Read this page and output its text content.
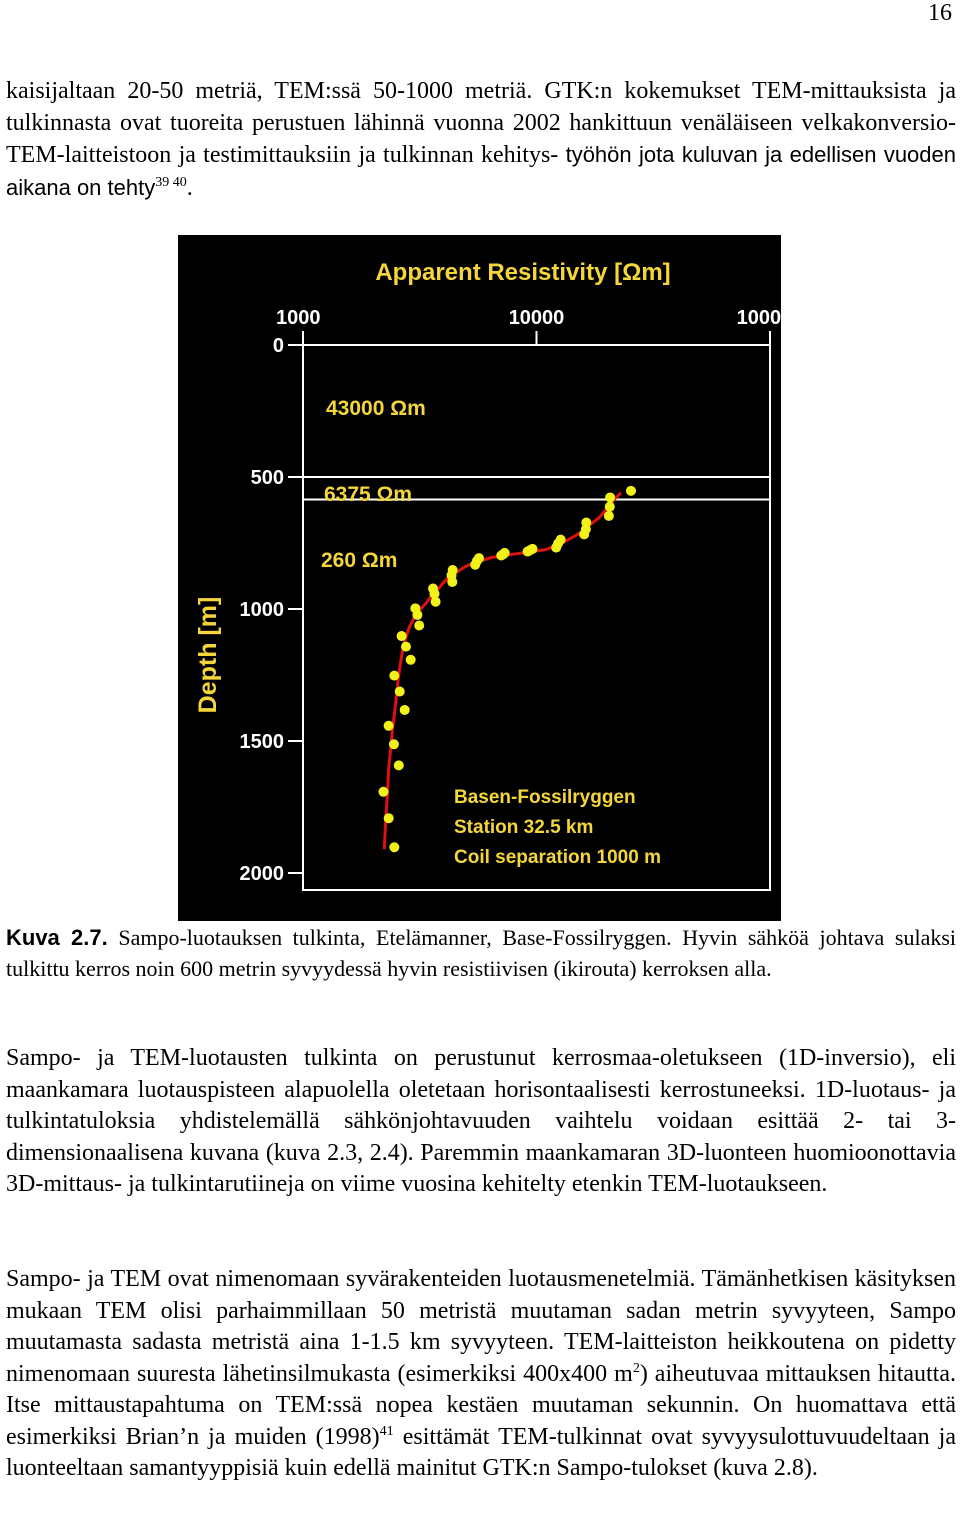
16

kaisijaltaan 20-50 metriä, TEM:ssä 50-1000 metriä. GTK:n kokemukset TEM-mittauksista ja tulkinnasta ovat tuoreita perustuen lähinnä vuonna 2002 hankittuun venäläiseen velkakonversio-TEM-laitteistoon ja testimittauksiin ja tulkinnan kehitys- työhön jota kuluvan ja edellisen vuoden aikana on tehty$^{39 40}$.

Apparent Resistivity [Ωm]
Depth [m]
1000	10000	100000
0
500
1000
1500
2000
43000 Ωm
6375 Ωm
260 Ωm
Basen-Fossilryggen
Station 32.5 km
Coil separation 1000 m

Kuva 2.7. Sampo-luotauksen tulkinta, Etelämanner, Base-Fossilryggen. Hyvin sähköä johtava sulaksi tulkittu kerros noin 600 metrin syvyydessä hyvin resistiivisen (ikirouta) kerroksen alla.

Sampo- ja TEM-luotausten tulkinta on perustunut kerrosmaa-oletukseen (1D-inversio), eli maankamara luotauspisteen alapuolella oletetaan horisontaalisesti kerrostuneeksi. 1D-luotaus- ja tulkintatuloksia yhdistelemällä sähkönjohtavuuden vaihtelu voidaan esittää 2- tai 3-dimensionaalisena kuvana (kuva 2.3, 2.4). Paremmin maankamaran 3D-luonteen huomioonottavia 3D-mittaus- ja tulkintarutiineja on viime vuosina kehitelty etenkin TEM-luotaukseen.

Sampo- ja TEM ovat nimenomaan syvärakenteiden luotausmenetelmiä. Tämänhetkisen käsityksen mukaan TEM olisi parhaimmillaan 50 metristä muutaman sadan metrin syvyyteen, Sampo muutamasta sadasta metristä aina 1-1.5 km syvyyteen. TEM-laitteiston heikkoutena on pidetty nimenomaan suuresta lähetinsilmukasta (esimerkiksi 400x400 $m^2$) aiheutuvaa mittauksen hitautta. Itse mittaustapahtuma on TEM:ssä nopea kestäen muutaman sekunnin. On huomattava että esimerkiksi Brian’n ja muiden $(1998)^{41}$ esittämät TEM-tulkinnat ovat syvyysulottuvuudeltaan ja luonteeltaan samantyyppisiä kuin edellä mainitut GTK:n Sampo-tulokset (kuva 2.8).
